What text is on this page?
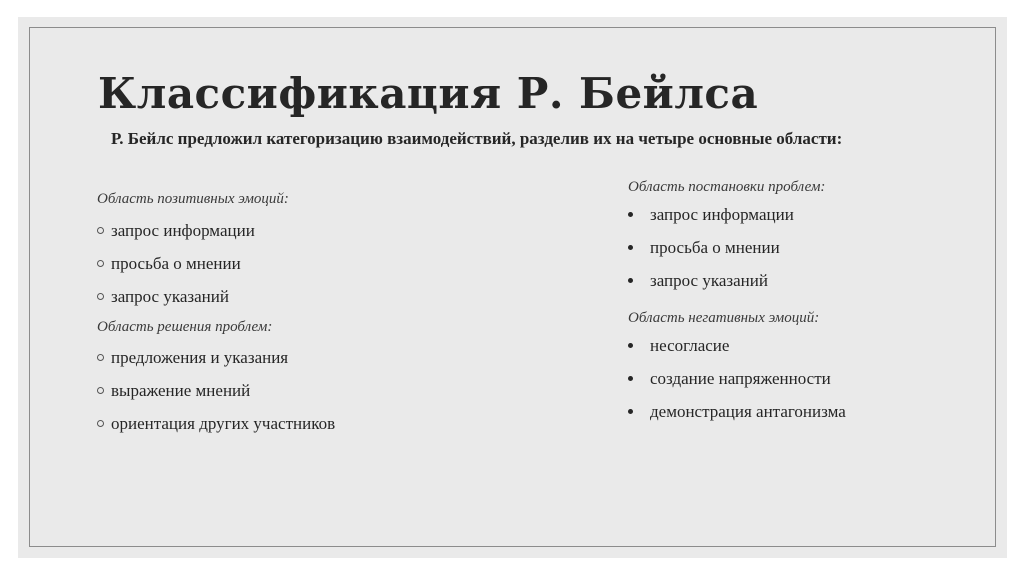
Классификация Р. Бейлса

Р. Бейлс предложил категоризацию взаимодействий, разделив их на четыре основные области:

Область позитивных эмоций:
запрос информации
просьба о мнении
запрос указаний
Область решения проблем:
предложения и указания
выражение мнений
ориентация других участников
Область постановки проблем:
запрос информации
просьба о мнении
запрос указаний
Область негативных эмоций:
несогласие
создание напряженности
демонстрация антагонизма
